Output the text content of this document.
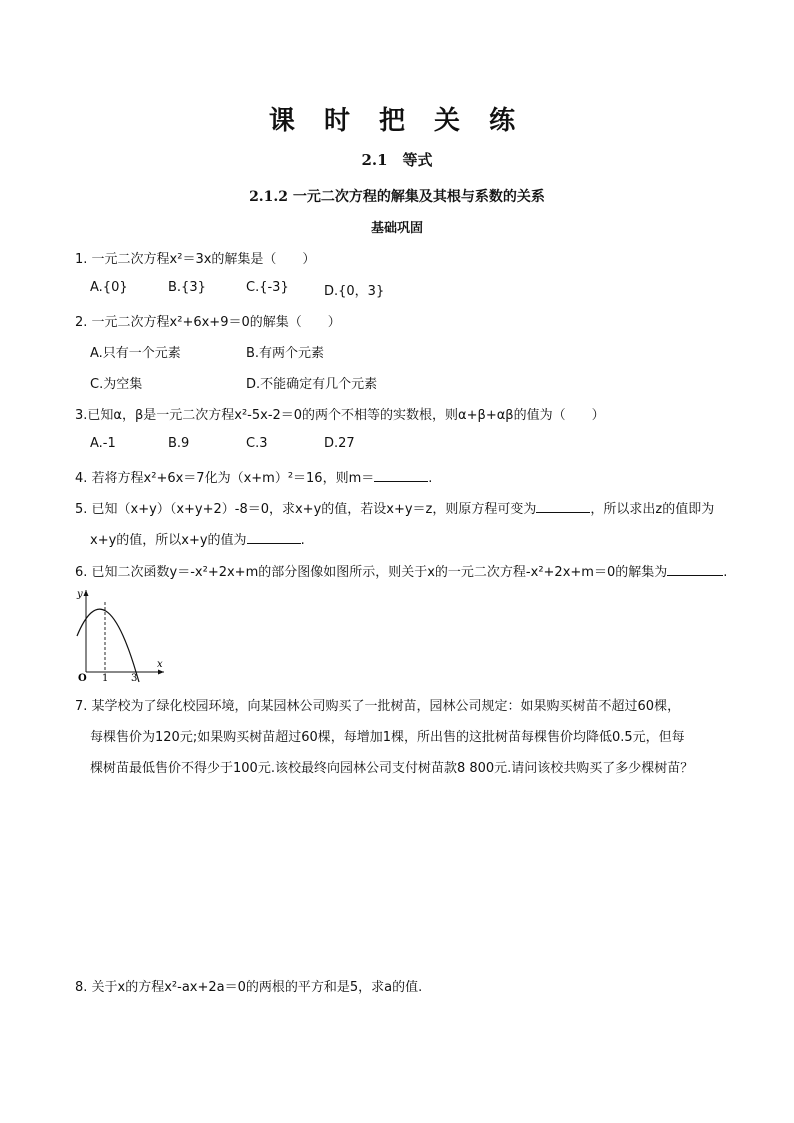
课 时 把 关 练
2.1　等式
2.1.2 一元二次方程的解集及其根与系数的关系
基础巩固
1. 一元二次方程x²＝3x的解集是（　　）
A.{0}	B.{3}	C.{-3}	D.{0，3}
2. 一元二次方程x²+6x+9＝0的解集（　　）
A.只有一个元素	B.有两个元素
C.为空集	D.不能确定有几个元素
3.已知α，β是一元二次方程x²-5x-2＝0的两个不相等的实数根，则α+β+αβ的值为（　　）
A.-1	B.9	C.3	D.27
4. 若将方程x²+6x＝7化为（x+m）²＝16，则m＝	.
5. 已知（x+y）（x+y+2）-8＝0，求x+y的值，若设x+y＝z，则原方程可变为	，所以求出z的值即为
x+y的值，所以x+y的值为	.
6. 已知二次函数y＝-x²+2x+m的部分图像如图所示，则关于x的一元二次方程-x²+2x+m＝0的解集为	.
y
x
O 1 3
7. 某学校为了绿化校园环境，向某园林公司购买了一批树苗，园林公司规定：如果购买树苗不超过60棵，
每棵售价为120元;如果购买树苗超过60棵，每增加1棵，所出售的这批树苗每棵售价均降低0.5元，但每
棵树苗最低售价不得少于100元.该校最终向园林公司支付树苗款8 800元.请问该校共购买了多少棵树苗？
8. 关于x的方程x²-ax+2a＝0的两根的平方和是5，求a的值.
